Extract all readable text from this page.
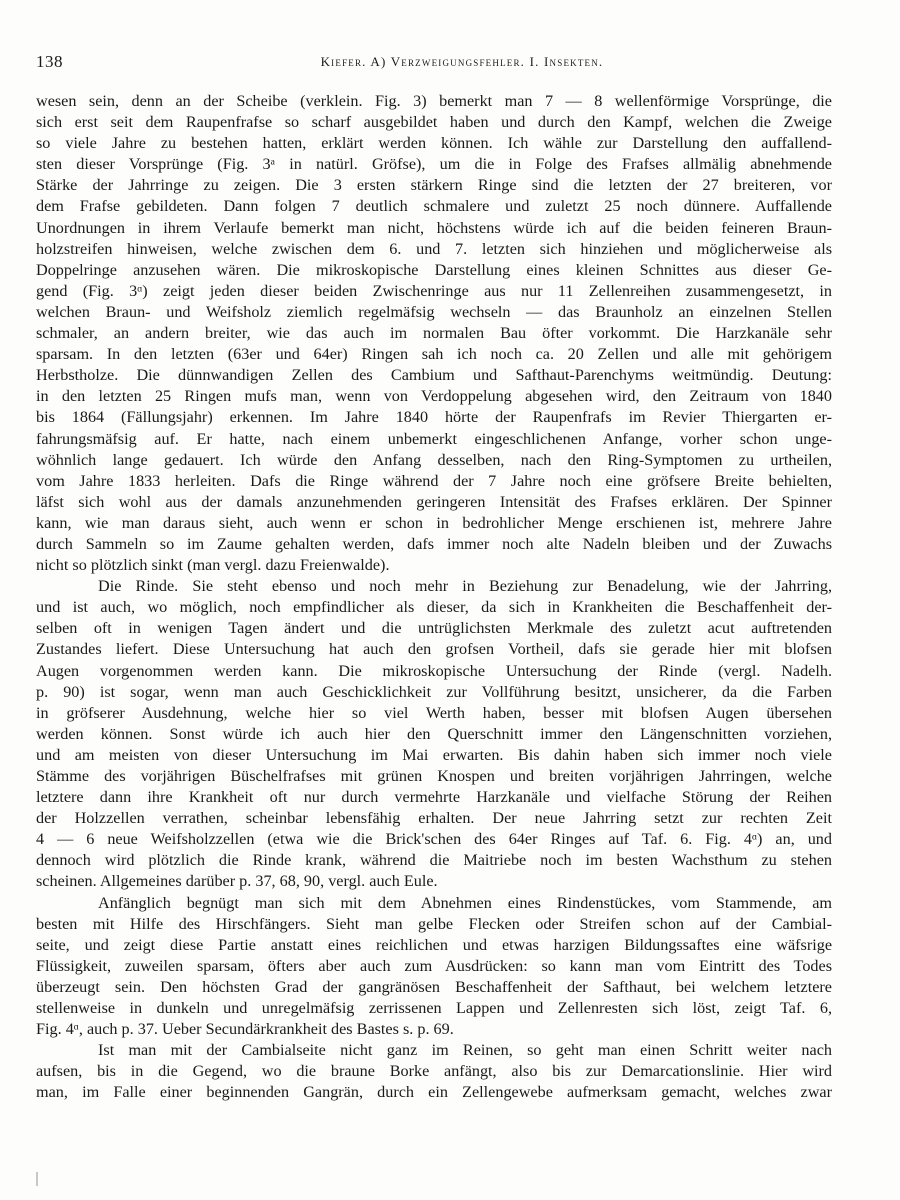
138	Kiefer. A) Verzweigungsfehler. I. Insekten.
wesen sein, denn an der Scheibe (verklein. Fig. 3) bemerkt man 7 — 8 wellenförmige Vorsprünge, die
sich erst seit dem Raupenfrafse so scharf ausgebildet haben und durch den Kampf, welchen die Zweige
so viele Jahre zu bestehen hatten, erklärt werden können. Ich wähle zur Darstellung den auffallend-
sten dieser Vorsprünge (Fig. 3ᵃ in natürl. Gröfse), um die in Folge des Frafses allmälig abnehmende
Stärke der Jahrringe zu zeigen. Die 3 ersten stärkern Ringe sind die letzten der 27 breiteren, vor
dem Frafse gebildeten. Dann folgen 7 deutlich schmalere und zuletzt 25 noch dünnere. Auffallende
Unordnungen in ihrem Verlaufe bemerkt man nicht, höchstens würde ich auf die beiden feineren Braun-
holzstreifen hinweisen, welche zwischen dem 6. und 7. letzten sich hinziehen und möglicherweise als
Doppelringe anzusehen wären. Die mikroskopische Darstellung eines kleinen Schnittes aus dieser Ge-
gend (Fig. 3ᵅ) zeigt jeden dieser beiden Zwischenringe aus nur 11 Zellenreihen zusammengesetzt, in
welchen Braun- und Weifsholz ziemlich regelmäfsig wechseln — das Braunholz an einzelnen Stellen
schmaler, an andern breiter, wie das auch im normalen Bau öfter vorkommt. Die Harzkanäle sehr
sparsam. In den letzten (63er und 64er) Ringen sah ich noch ca. 20 Zellen und alle mit gehörigem
Herbstholze. Die dünnwandigen Zellen des Cambium und Safthaut-Parenchyms weitmündig. Deutung:
in den letzten 25 Ringen mufs man, wenn von Verdoppelung abgesehen wird, den Zeitraum von 1840
bis 1864 (Fällungsjahr) erkennen. Im Jahre 1840 hörte der Raupenfrafs im Revier Thiergarten er-
fahrungsmäfsig auf. Er hatte, nach einem unbemerkt eingeschlichenen Anfange, vorher schon unge-
wöhnlich lange gedauert. Ich würde den Anfang desselben, nach den Ring-Symptomen zu urtheilen,
vom Jahre 1833 herleiten. Dafs die Ringe während der 7 Jahre noch eine gröfsere Breite behielten,
läfst sich wohl aus der damals anzunehmenden geringeren Intensität des Frafses erklären. Der Spinner
kann, wie man daraus sieht, auch wenn er schon in bedrohlicher Menge erschienen ist, mehrere Jahre
durch Sammeln so im Zaume gehalten werden, dafs immer noch alte Nadeln bleiben und der Zuwachs
nicht so plötzlich sinkt (man vergl. dazu Freienwalde).
Die Rinde. Sie steht ebenso und noch mehr in Beziehung zur Benadelung, wie der Jahrring,
und ist auch, wo möglich, noch empfindlicher als dieser, da sich in Krankheiten die Beschaffenheit der-
selben oft in wenigen Tagen ändert und die untrüglichsten Merkmale des zuletzt acut auftretenden
Zustandes liefert. Diese Untersuchung hat auch den grofsen Vortheil, dafs sie gerade hier mit blofsen
Augen vorgenommen werden kann. Die mikroskopische Untersuchung der Rinde (vergl. Nadelh.
p. 90) ist sogar, wenn man auch Geschicklichkeit zur Vollführung besitzt, unsicherer, da die Farben
in gröfserer Ausdehnung, welche hier so viel Werth haben, besser mit blofsen Augen übersehen
werden können. Sonst würde ich auch hier den Querschnitt immer den Längenschnitten vorziehen,
und am meisten von dieser Untersuchung im Mai erwarten. Bis dahin haben sich immer noch viele
Stämme des vorjährigen Büschelfrafses mit grünen Knospen und breiten vorjährigen Jahrringen, welche
letztere dann ihre Krankheit oft nur durch vermehrte Harzkanäle und vielfache Störung der Reihen
der Holzzellen verrathen, scheinbar lebensfähig erhalten. Der neue Jahrring setzt zur rechten Zeit
4 — 6 neue Weifsholzzellen (etwa wie die Brick'schen des 64er Ringes auf Taf. 6. Fig. 4ᵅ) an, und
dennoch wird plötzlich die Rinde krank, während die Maitriebe noch im besten Wachsthum zu stehen
scheinen. Allgemeines darüber p. 37, 68, 90, vergl. auch Eule.
Anfänglich begnügt man sich mit dem Abnehmen eines Rindenstückes, vom Stammende, am
besten mit Hilfe des Hirschfängers. Sieht man gelbe Flecken oder Streifen schon auf der Cambial-
seite, und zeigt diese Partie anstatt eines reichlichen und etwas harzigen Bildungssaftes eine wäfsrige
Flüssigkeit, zuweilen sparsam, öfters aber auch zum Ausdrücken: so kann man vom Eintritt des Todes
überzeugt sein. Den höchsten Grad der gangränösen Beschaffenheit der Safthaut, bei welchem letztere
stellenweise in dunkeln und unregelmäfsig zerrissenen Lappen und Zellenresten sich löst, zeigt Taf. 6,
Fig. 4ᵅ, auch p. 37. Ueber Secundärkrankheit des Bastes s. p. 69.
Ist man mit der Cambialseite nicht ganz im Reinen, so geht man einen Schritt weiter nach
aufsen, bis in die Gegend, wo die braune Borke anfängt, also bis zur Demarcationslinie. Hier wird
man, im Falle einer beginnenden Gangrän, durch ein Zellengewebe aufmerksam gemacht, welches zwar
